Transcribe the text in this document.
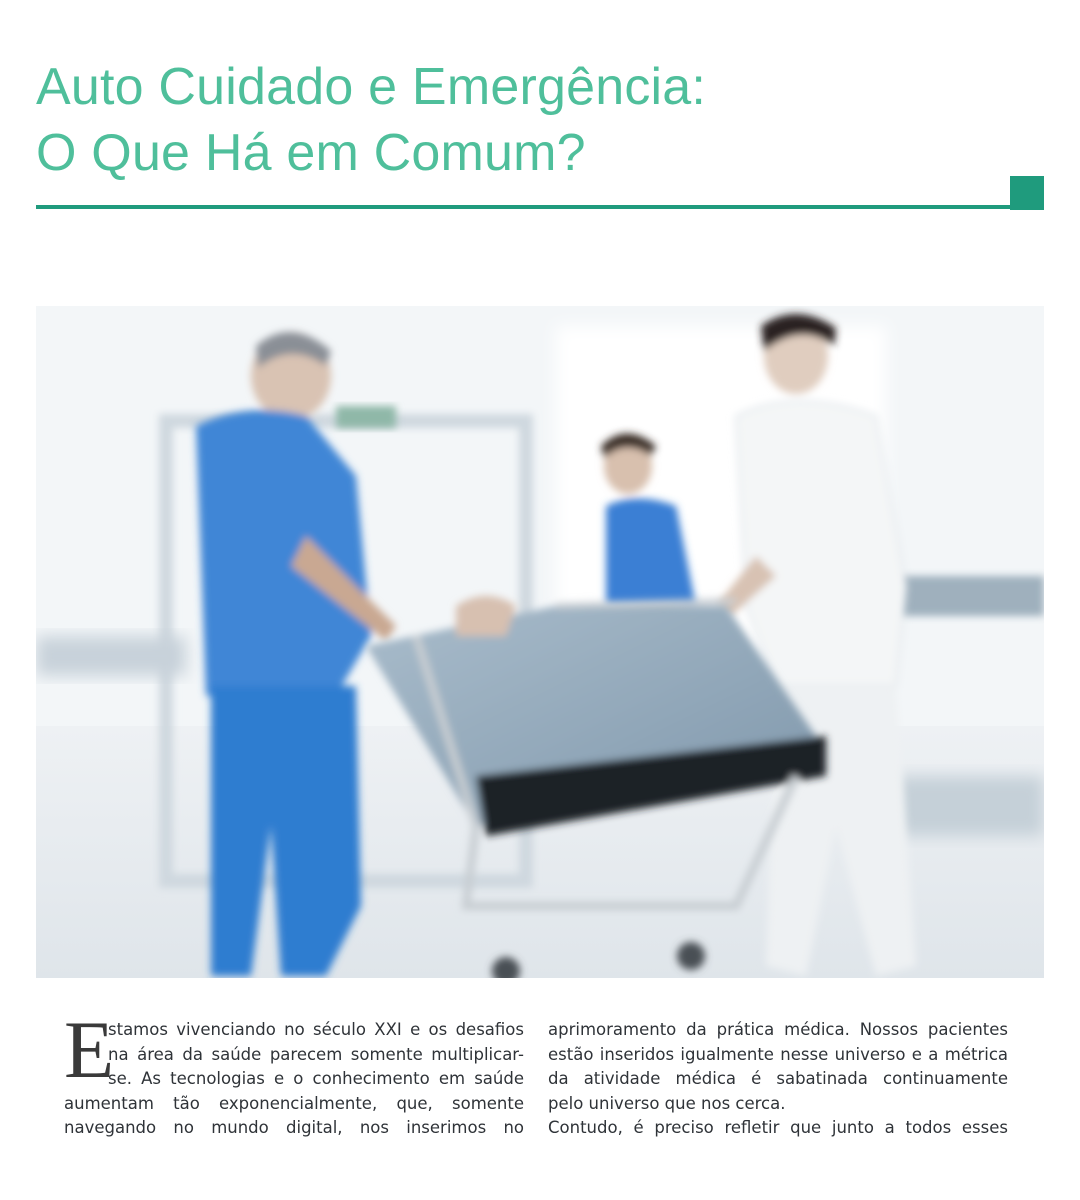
Auto Cuidado e Emergência:
O Que Há em Comum?
E
stamos vivenciando no século XXI e os desafios
na área da saúde parecem somente multiplicar-
se. As tecnologias e o conhecimento em saúde
aumentam tão exponencialmente, que, somente
navegando no mundo digital, nos inserimos no
aprimoramento da prática médica. Nossos pacientes
estão inseridos igualmente nesse universo e a métrica
da atividade médica é sabatinada continuamente
pelo universo que nos cerca.
Contudo, é preciso refletir que junto a todos esses
